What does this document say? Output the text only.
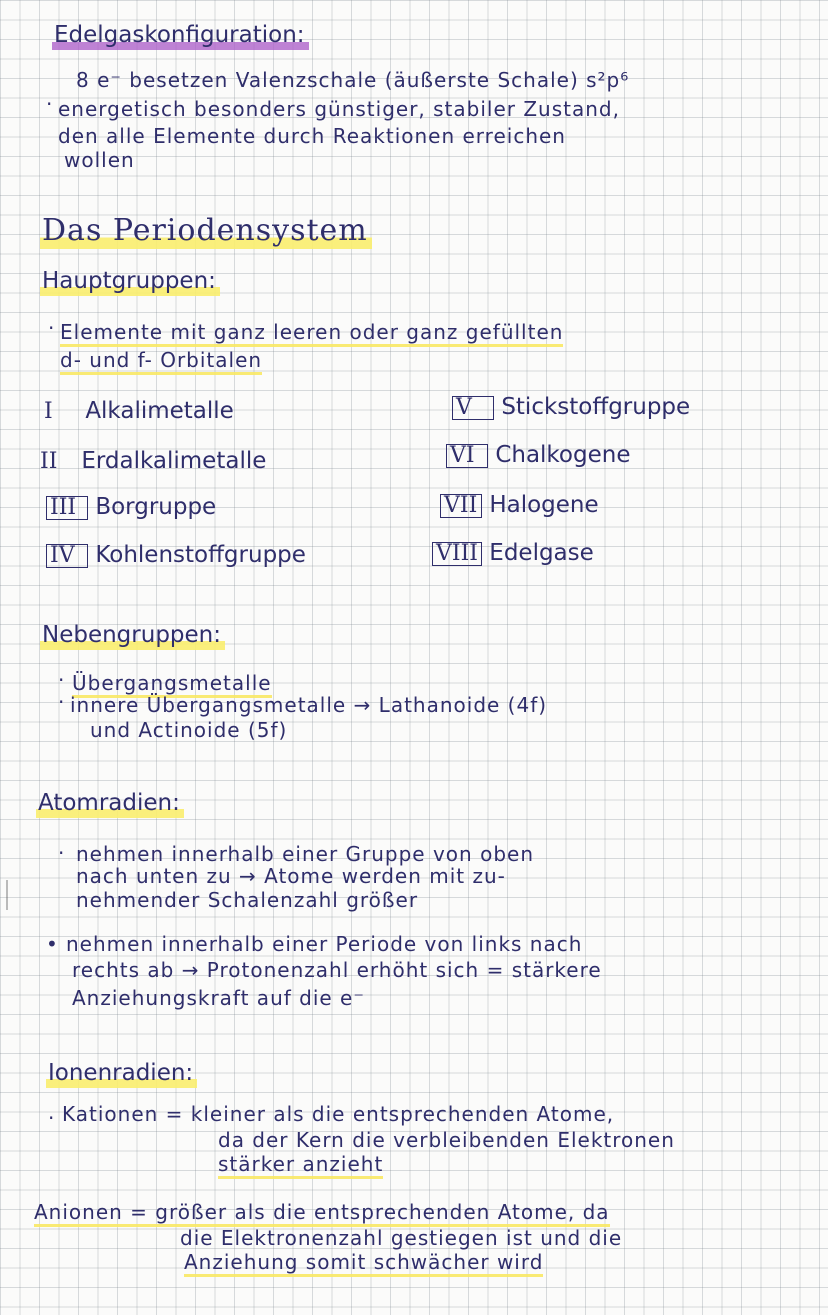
Edelgaskonfiguration:
8 e⁻ besetzen Valenzschale (äußerste Schale) s²p⁶
· energetisch besonders günstiger, stabiler Zustand,
den alle Elemente durch Reaktionen erreichen
wollen
Das Periodensystem
Hauptgruppen:
· Elemente mit ganz leeren oder ganz gefüllten
d- und f- Orbitalen
I Alkalimetalle
II Erdalkalimetalle
III Borgruppe
IV Kohlenstoffgruppe
V Stickstoffgruppe
VI Chalkogene
VII Halogene
VIII Edelgase
Nebengruppen:
· Übergangsmetalle
· innere Übergangsmetalle → Lathanoide (4f)
und Actinoide (5f)
Atomradien:
· nehmen innerhalb einer Gruppe von oben
nach unten zu → Atome werden mit zu-
nehmender Schalenzahl größer
• nehmen innerhalb einer Periode von links nach
rechts ab → Protonenzahl erhöht sich = stärkere
Anziehungskraft auf die e⁻
Ionenradien:
· Kationen = kleiner als die entsprechenden Atome,
da der Kern die verbleibenden Elektronen
stärker anzieht
Anionen = größer als die entsprechenden Atome, da
die Elektronenzahl gestiegen ist und die
Anziehung somit schwächer wird
